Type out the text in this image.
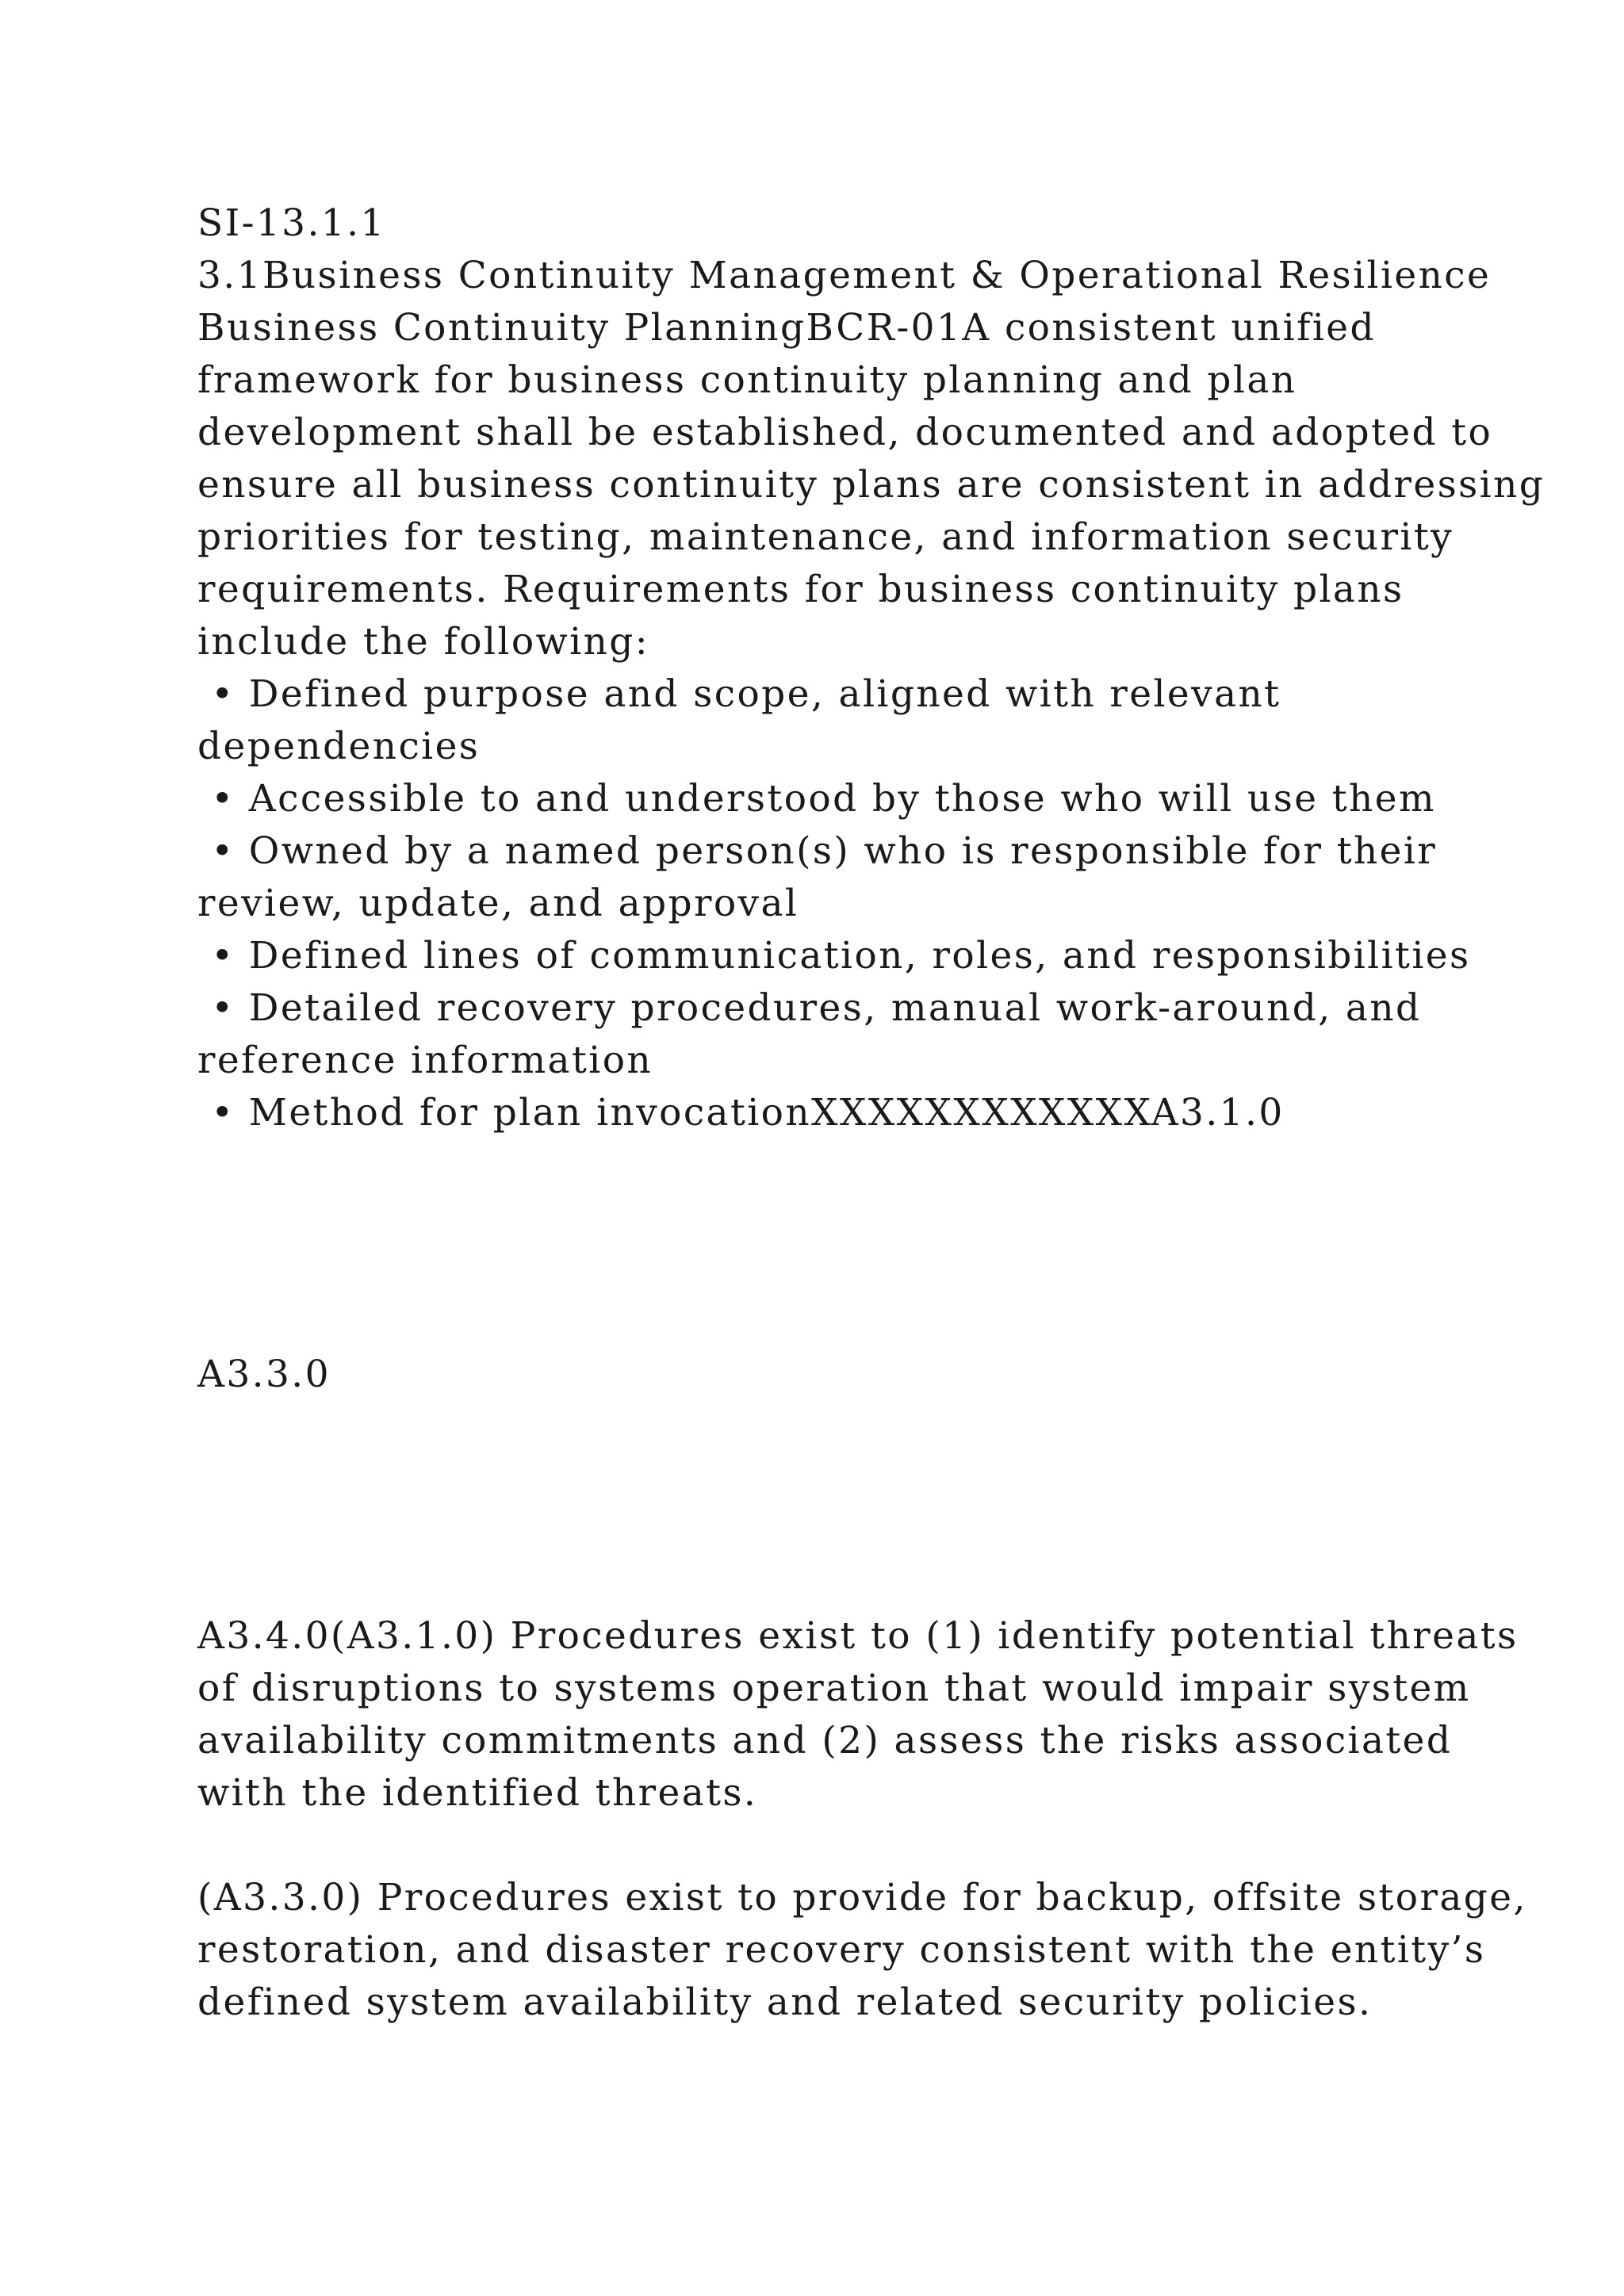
SI-13.1.1

3.1Business Continuity Management & Operational Resilience

Business Continuity PlanningBCR-01A consistent unified

framework for business continuity planning and plan

development shall be established, documented and adopted to

ensure all business continuity plans are consistent in addressing

priorities for testing, maintenance, and information security

requirements. Requirements for business continuity plans

include the following:

• Defined purpose and scope, aligned with relevant

dependencies

• Accessible to and understood by those who will use them

• Owned by a named person(s) who is responsible for their

review, update, and approval

• Defined lines of communication, roles, and responsibilities

• Detailed recovery procedures, manual work-around, and

reference information

• Method for plan invocationXXXXXXXXXXXXA3.1.0

A3.3.0

A3.4.0(A3.1.0) Procedures exist to (1) identify potential threats

of disruptions to systems operation that would impair system

availability commitments and (2) assess the risks associated

with the identified threats.

(A3.3.0) Procedures exist to provide for backup, offsite storage,

restoration, and disaster recovery consistent with the entity’s

defined system availability and related security policies.
